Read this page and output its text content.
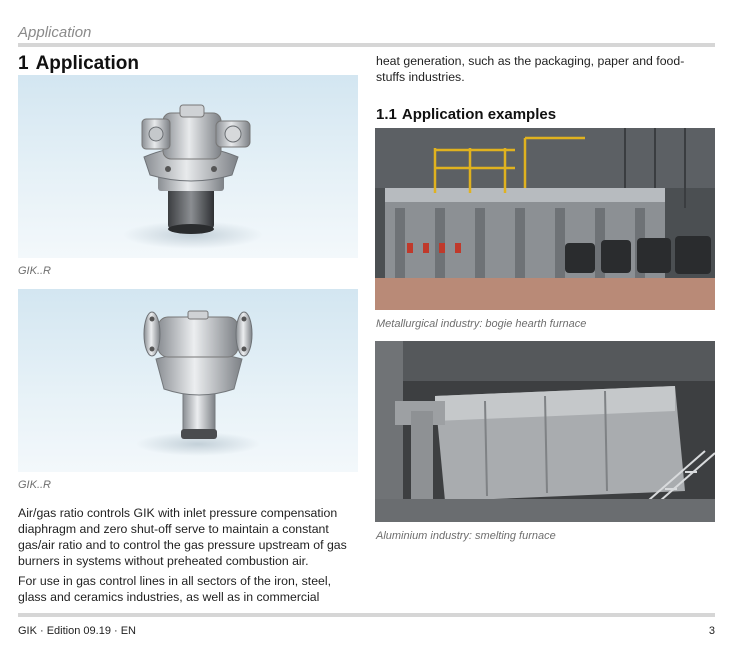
Application
1 Application
GIK..R
GIK..R

Air/gas ratio controls GIK with inlet pressure compensation diaphragm and zero shut-off serve to maintain a constant gas/air ratio and to control the gas pressure upstream of gas burners in systems without preheated combustion air.

For use in gas control lines in all sectors of the iron, steel, glass and ceramics industries, as well as in commercial

heat generation, such as the packaging, paper and food-stuffs industries.
1.1 Application examples
Metallurgical industry: bogie hearth furnace
Aluminium industry: smelting furnace
GIK · Edition 09.19 · EN	3
